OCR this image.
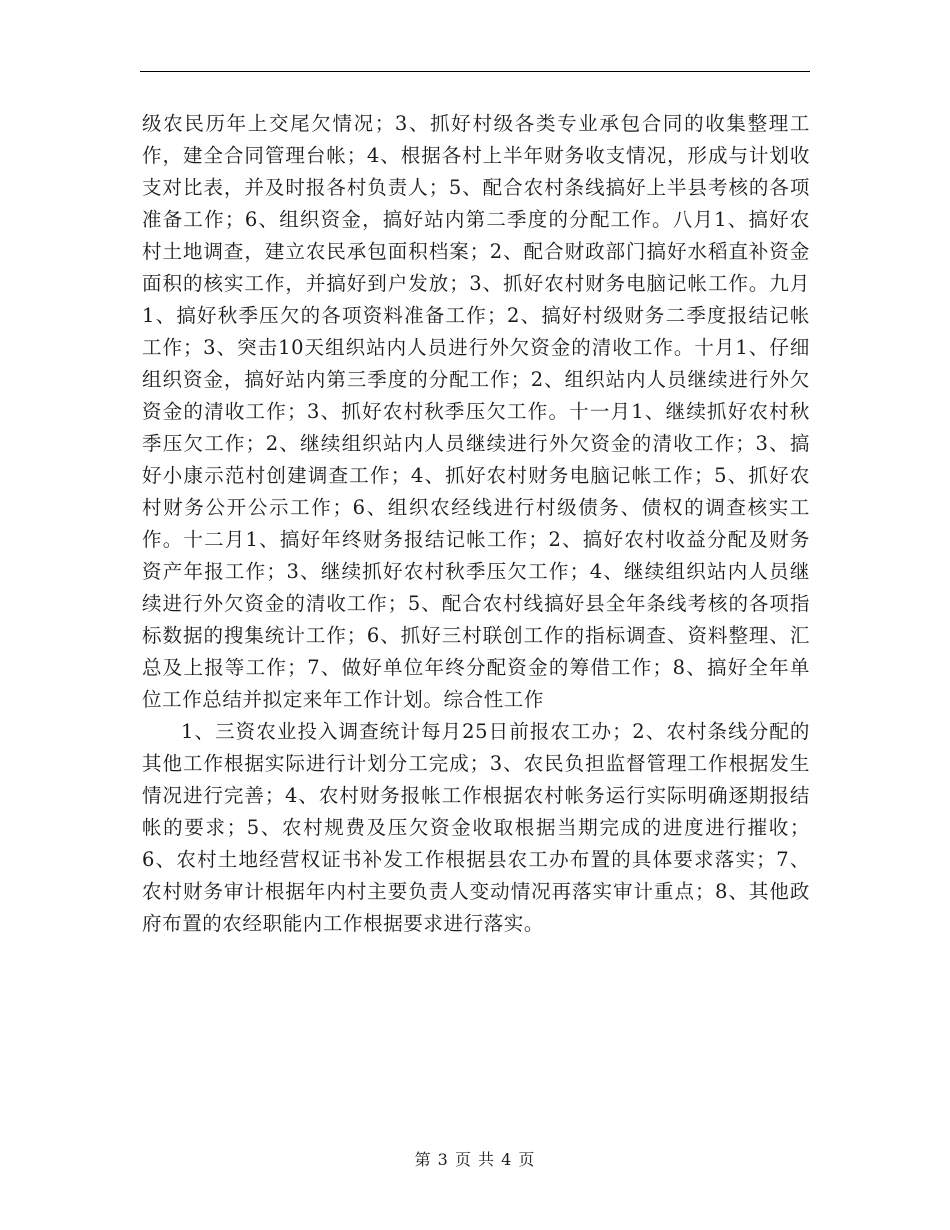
级农民历年上交尾欠情况；3、抓好村级各类专业承包合同的收集整理工作，建全合同管理台帐；4、根据各村上半年财务收支情况，形成与计划收支对比表，并及时报各村负责人；5、配合农村条线搞好上半县考核的各项准备工作；6、组织资金，搞好站内第二季度的分配工作。八月1、搞好农村土地调查，建立农民承包面积档案；2、配合财政部门搞好水稻直补资金面积的核实工作，并搞好到户发放；3、抓好农村财务电脑记帐工作。九月1、搞好秋季压欠的各项资料准备工作；2、搞好村级财务二季度报结记帐工作；3、突击10天组织站内人员进行外欠资金的清收工作。十月1、仔细组织资金，搞好站内第三季度的分配工作；2、组织站内人员继续进行外欠资金的清收工作；3、抓好农村秋季压欠工作。十一月1、继续抓好农村秋季压欠工作；2、继续组织站内人员继续进行外欠资金的清收工作；3、搞好小康示范村创建调查工作；4、抓好农村财务电脑记帐工作；5、抓好农村财务公开公示工作；6、组织农经线进行村级债务、债权的调查核实工作。十二月1、搞好年终财务报结记帐工作；2、搞好农村收益分配及财务资产年报工作；3、继续抓好农村秋季压欠工作；4、继续组织站内人员继续进行外欠资金的清收工作；5、配合农村线搞好县全年条线考核的各项指标数据的搜集统计工作；6、抓好三村联创工作的指标调查、资料整理、汇总及上报等工作；7、做好单位年终分配资金的筹借工作；8、搞好全年单位工作总结并拟定来年工作计划。综合性工作

1、三资农业投入调查统计每月25日前报农工办；2、农村条线分配的其他工作根据实际进行计划分工完成；3、农民负担监督管理工作根据发生情况进行完善；4、农村财务报帐工作根据农村帐务运行实际明确逐期报结帐的要求；5、农村规费及压欠资金收取根据当期完成的进度进行摧收；6、农村土地经营权证书补发工作根据县农工办布置的具体要求落实；7、农村财务审计根据年内村主要负责人变动情况再落实审计重点；8、其他政府布置的农经职能内工作根据要求进行落实。

第 3 页 共 4 页
